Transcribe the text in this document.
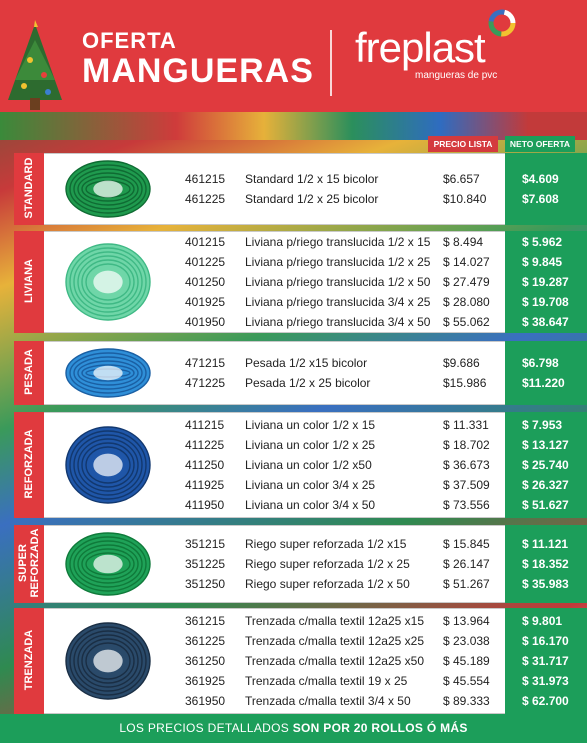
OFERTA
MANGUERAS freplast
mangueras de pvc
PRECIO LISTA	NETO OFERTA
STANDARD	461215 Standard 1/2 x 15 bicolor	$6.657	$4.609
461225 Standard 1/2 x 25 bicolor	$10.840	$7.608
LIVIANA
401215 Liviana p/riego translucida 1/2 x 15 $ 8.494	$ 5.962
401225 Liviana p/riego translucida 1/2 x 25 $ 14.027	$ 9.845
401250 Liviana p/riego translucida 1/2 x 50 $ 27.479	$ 19.287
401925 Liviana p/riego translucida 3/4 x 25 $ 28.080	$ 19.708
401950 Liviana p/riego translucida 3/4 x 50 $ 55.062	$ 38.647
PESADA	471215 Pesada 1/2 x15 bicolor	$9.686	$6.798
471225 Pesada 1/2 x 25 bicolor	$15.986	$11.220
REFORZADA
411215 Liviana un color 1/2 x 15	$ 11.331	$ 7.953
411225 Liviana un color 1/2 x 25	$ 18.702	$ 13.127
411250 Liviana un color 1/2 x50	$ 36.673	$ 25.740
411925 Liviana un color 3/4 x 25	$ 37.509	$ 26.327
411950 Liviana un color 3/4 x 50	$ 73.556	$ 51.627
SUPER REFORZADA	351215 Riego super reforzada 1/2 x15	$ 15.845	$ 11.121
351225 Riego super reforzada 1/2 x 25	$ 26.147	$ 18.352
351250 Riego super reforzada 1/2 x 50	$ 51.267	$ 35.983
TRENZADA
361215 Trenzada c/malla textil 12a25 x15 $ 13.964	$ 9.801
361225 Trenzada c/malla textil 12a25 x25 $ 23.038	$ 16.170
361250 Trenzada c/malla textil 12a25 x50 $ 45.189	$ 31.717
361925 Trenzada c/malla textil 19 x 25	$ 45.554	$ 31.973
361950 Trenzada c/malla textil 3/4 x 50	$ 89.333	$ 62.700
LOS PRECIOS DETALLADOS SON POR 20 ROLLOS Ó MÁS
